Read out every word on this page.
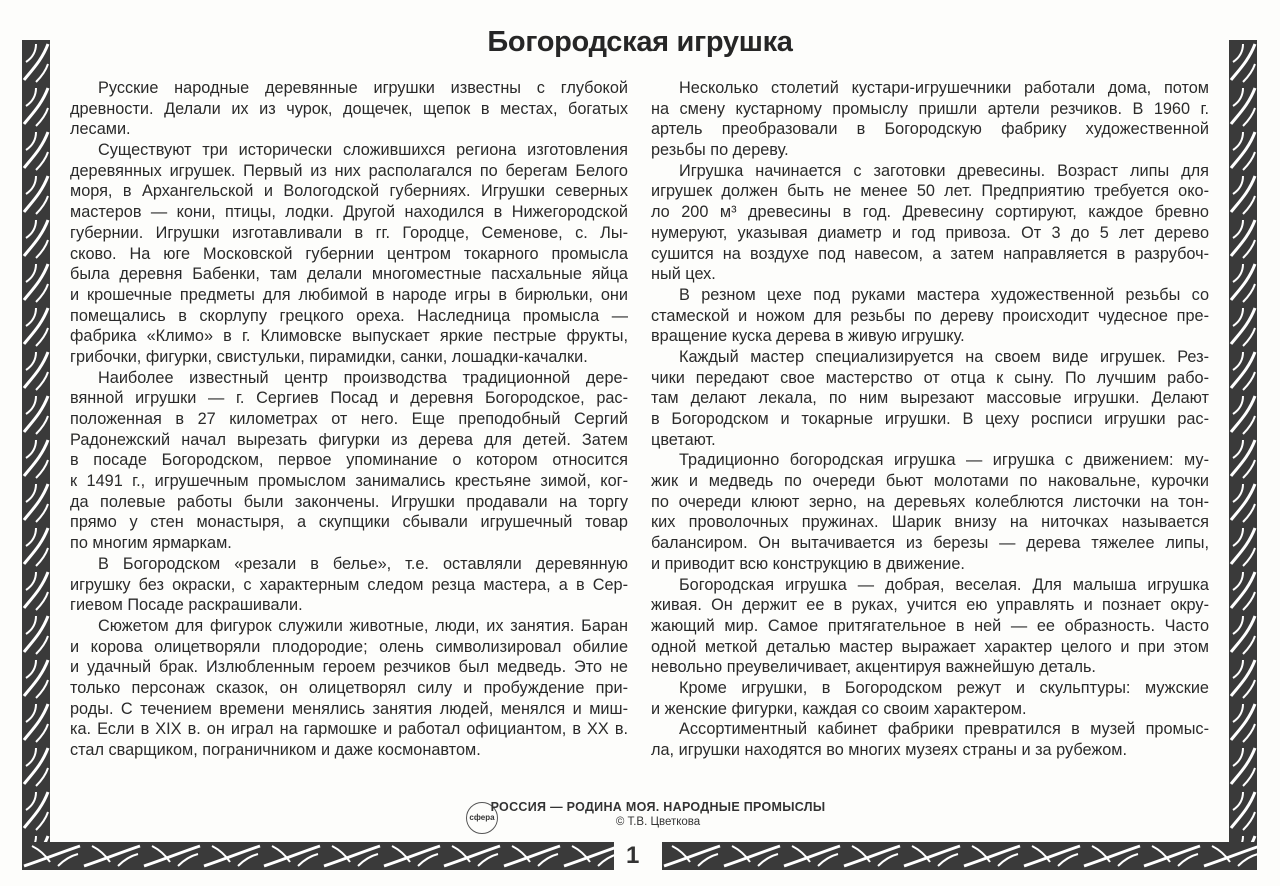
Богородская игрушка
Русские народные деревянные игрушки известны с глубокой
древности. Делали их из чурок, дощечек, щепок в местах, богатых
лесами.
Существуют три исторически сложившихся региона изготовления
деревянных игрушек. Первый из них располагался по берегам Белого
моря, в Архангельской и Вологодской губерниях. Игрушки северных
мастеров — кони, птицы, лодки. Другой находился в Нижегородской
губернии. Игрушки изготавливали в гг. Городце, Семенове, с. Лы-
сково. На юге Московской губернии центром токарного промысла
была деревня Бабенки, там делали многоместные пасхальные яйца
и крошечные предметы для любимой в народе игры в бирюльки, они
помещались в скорлупу грецкого ореха. Наследница промысла —
фабрика «Климо» в г. Климовске выпускает яркие пестрые фрукты,
грибочки, фигурки, свистульки, пирамидки, санки, лошадки-качалки.
Наиболее известный центр производства традиционной дере-
вянной игрушки — г. Сергиев Посад и деревня Богородское, рас-
положенная в 27 километрах от него. Еще преподобный Сергий
Радонежский начал вырезать фигурки из дерева для детей. Затем
в посаде Богородском, первое упоминание о котором относится
к 1491 г., игрушечным промыслом занимались крестьяне зимой, ког-
да полевые работы были закончены. Игрушки продавали на торгу
прямо у стен монастыря, а скупщики сбывали игрушечный товар
по многим ярмаркам.
В Богородском «резали в белье», т.е. оставляли деревянную
игрушку без окраски, с характерным следом резца мастера, а в Сер-
гиевом Посаде раскрашивали.
Сюжетом для фигурок служили животные, люди, их занятия. Баран
и корова олицетворяли плодородие; олень символизировал обилие
и удачный брак. Излюбленным героем резчиков был медведь. Это не
только персонаж сказок, он олицетворял силу и пробуждение при-
роды. С течением времени менялись занятия людей, менялся и миш-
ка. Если в XIX в. он играл на гармошке и работал официантом, в XX в.
стал сварщиком, пограничником и даже космонавтом.
Несколько столетий кустари-игрушечники работали дома, потом
на смену кустарному промыслу пришли артели резчиков. В 1960 г.
артель преобразовали в Богородскую фабрику художественной
резьбы по дереву.
Игрушка начинается с заготовки древесины. Возраст липы для
игрушек должен быть не менее 50 лет. Предприятию требуется око-
ло 200 м³ древесины в год. Древесину сортируют, каждое бревно
нумеруют, указывая диаметр и год привоза. От 3 до 5 лет дерево
сушится на воздухе под навесом, а затем направляется в разрубоч-
ный цех.
В резном цехе под руками мастера художественной резьбы со
стамеской и ножом для резьбы по дереву происходит чудесное пре-
вращение куска дерева в живую игрушку.
Каждый мастер специализируется на своем виде игрушек. Рез-
чики передают свое мастерство от отца к сыну. По лучшим рабо-
там делают лекала, по ним вырезают массовые игрушки. Делают
в Богородском и токарные игрушки. В цеху росписи игрушки рас-
цветают.
Традиционно богородская игрушка — игрушка с движением: му-
жик и медведь по очереди бьют молотами по наковальне, курочки
по очереди клюют зерно, на деревьях колеблются листочки на тон-
ких проволочных пружинах. Шарик внизу на ниточках называется
балансиром. Он вытачивается из березы — дерева тяжелее липы,
и приводит всю конструкцию в движение.
Богородская игрушка — добрая, веселая. Для малыша игрушка
живая. Он держит ее в руках, учится ею управлять и познает окру-
жающий мир. Самое притягательное в ней — ее образность. Часто
одной меткой деталью мастер выражает характер целого и при этом
невольно преувеличивает, акцентируя важнейшую деталь.
Кроме игрушки, в Богородском режут и скульптуры: мужские
и женские фигурки, каждая со своим характером.
Ассортиментный кабинет фабрики превратился в музей промыс-
ла, игрушки находятся во многих музеях страны и за рубежом.
сфера
РОССИЯ — РОДИНА МОЯ. НАРОДНЫЕ ПРОМЫСЛЫ
© Т.В. Цветкова
1
